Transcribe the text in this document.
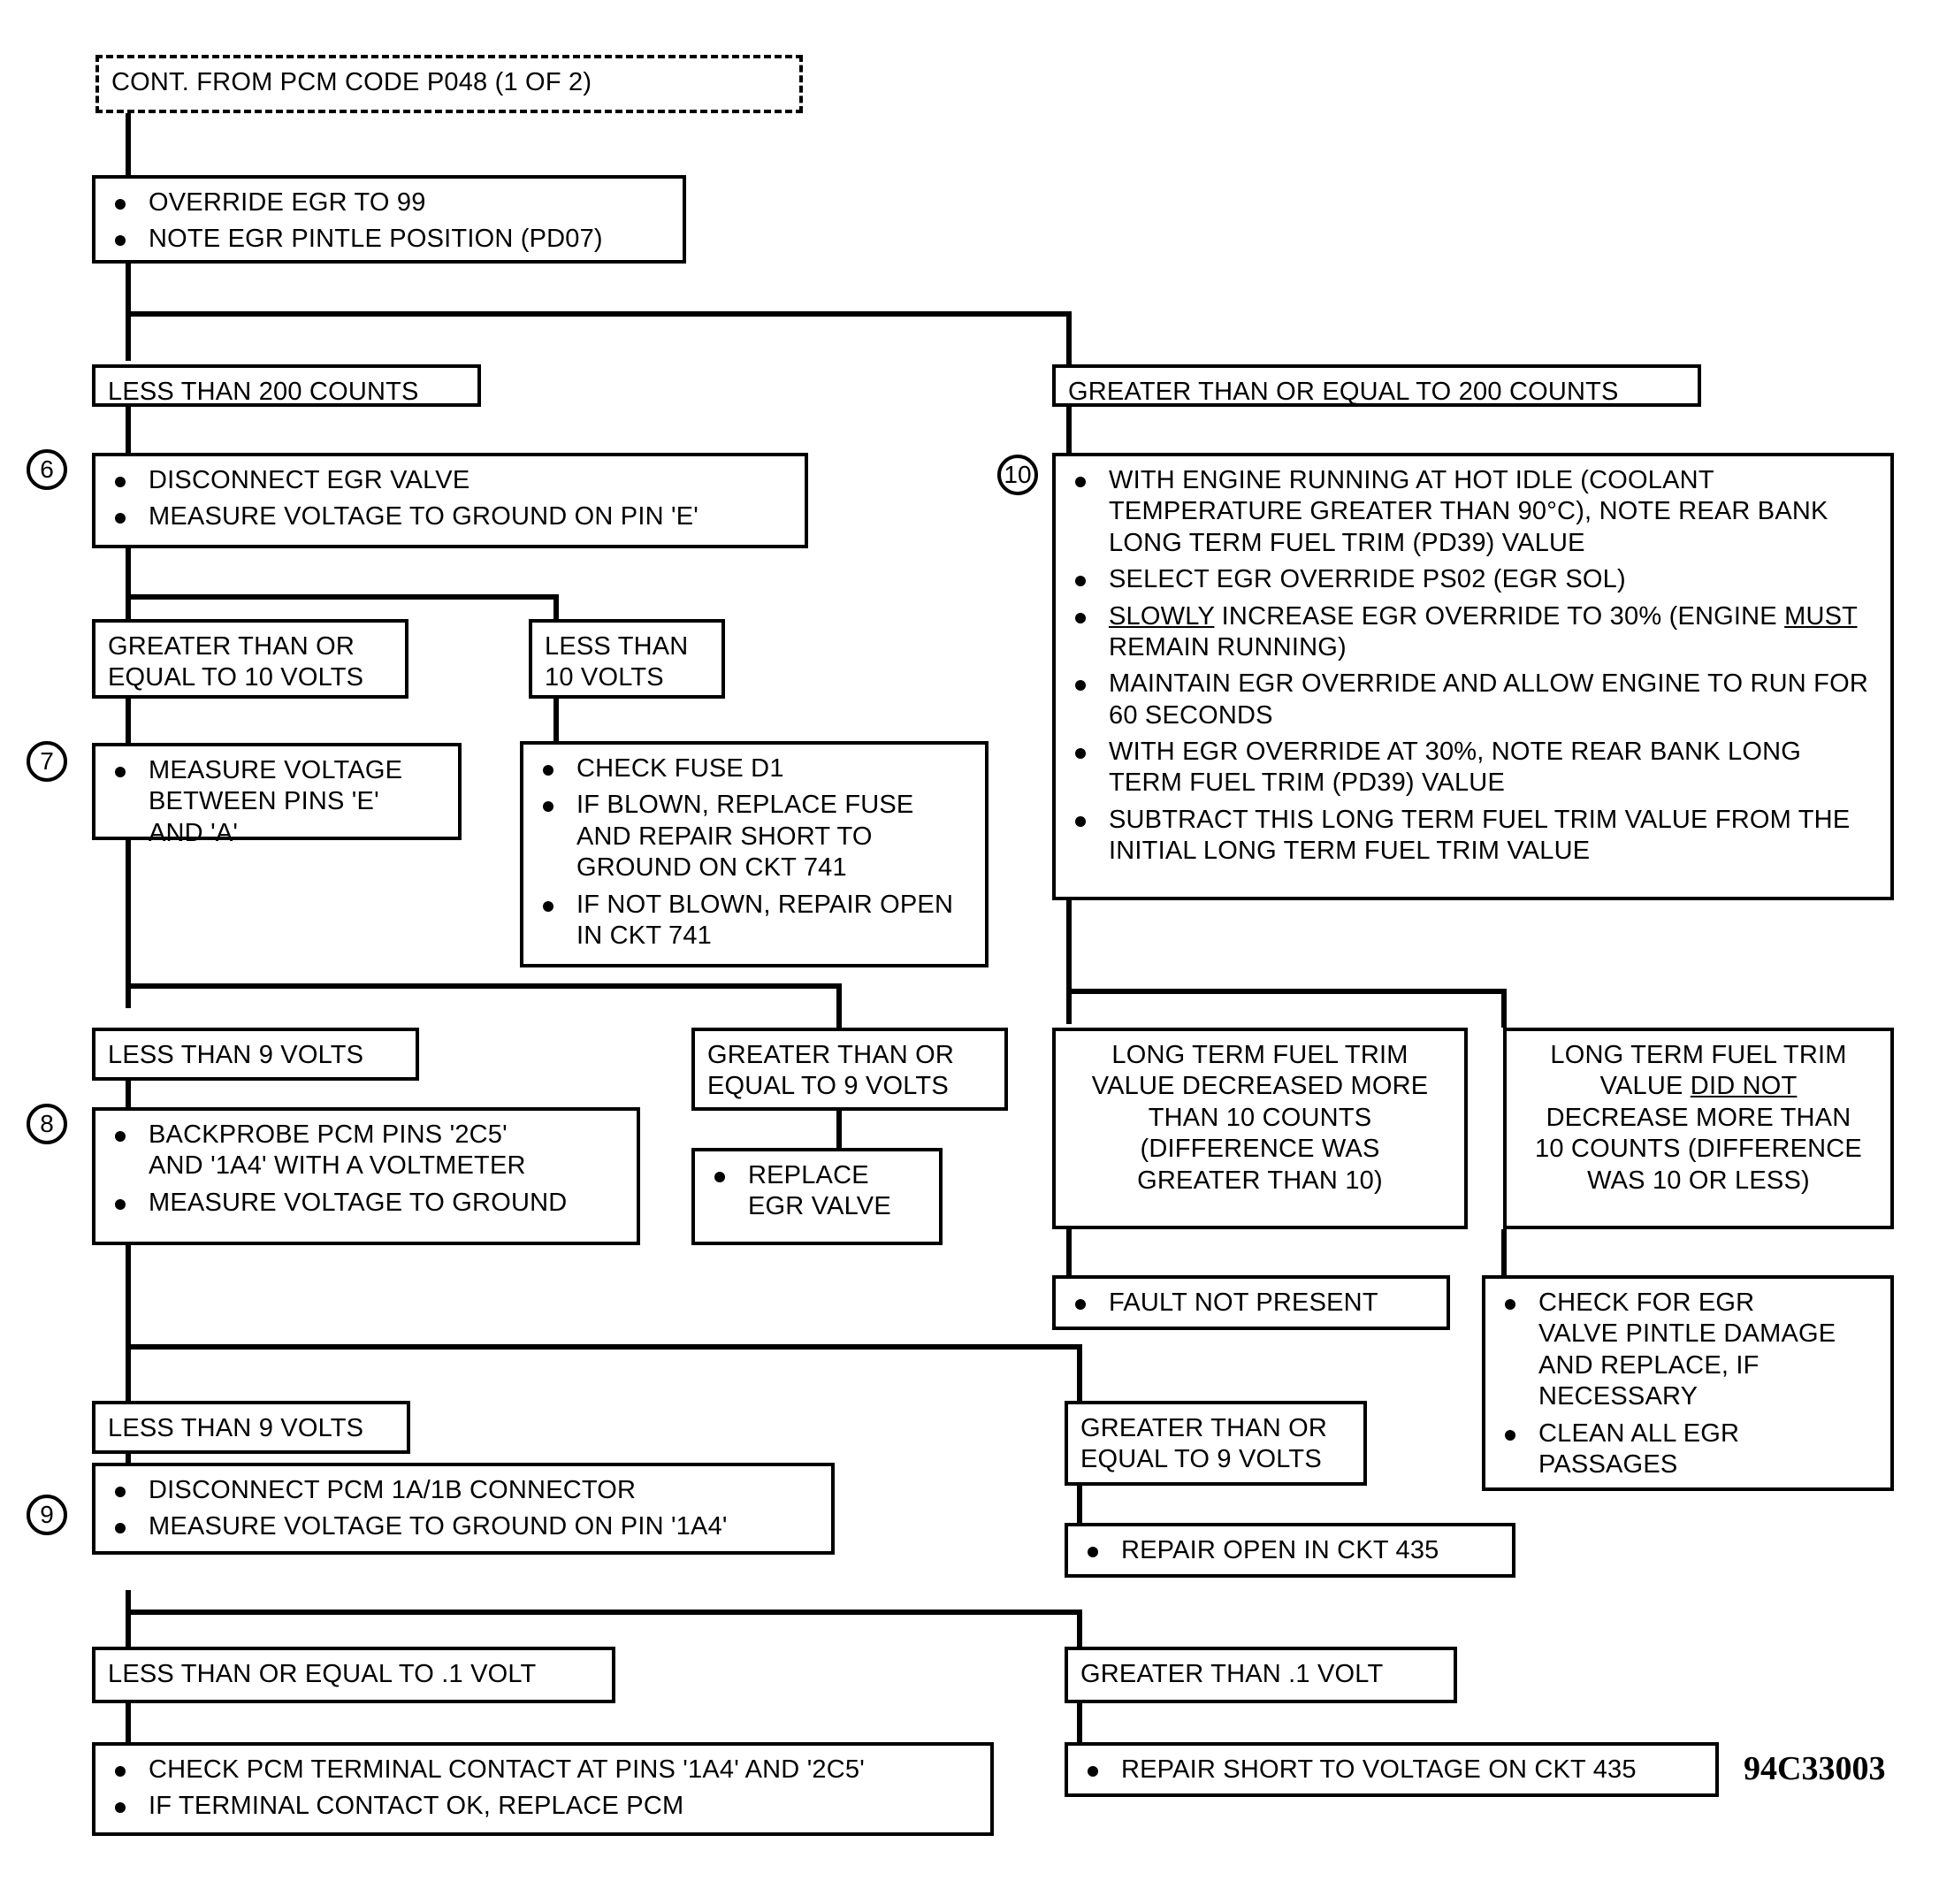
CONT. FROM PCM CODE P048 (1 OF 2)
OVERRIDE EGR TO 99
NOTE EGR PINTLE POSITION (PD07)
LESS THAN 200 COUNTS	GREATER THAN OR EQUAL TO 200 COUNTS
6	DISCONNECT EGR VALVE
MEASURE VOLTAGE TO GROUND ON PIN 'E'
10	WITH ENGINE RUNNING AT HOT IDLE (COOLANT TEMPERATURE GREATER THAN 90°C), NOTE REAR BANK LONG TERM FUEL TRIM (PD39) VALUE
SELECT EGR OVERRIDE PS02 (EGR SOL)
SLOWLY INCREASE EGR OVERRIDE TO 30% (ENGINE MUST REMAIN RUNNING)
MAINTAIN EGR OVERRIDE AND ALLOW ENGINE TO RUN FOR 60 SECONDS
WITH EGR OVERRIDE AT 30%, NOTE REAR BANK LONG TERM FUEL TRIM (PD39) VALUE
SUBTRACT THIS LONG TERM FUEL TRIM VALUE FROM THE INITIAL LONG TERM FUEL TRIM VALUE
GREATER THAN OR
EQUAL TO 10 VOLTS
LESS THAN
10 VOLTS
7	MEASURE VOLTAGE
BETWEEN PINS 'E'
AND 'A'
CHECK FUSE D1
IF BLOWN, REPLACE FUSE AND REPAIR SHORT TO GROUND ON CKT 741
IF NOT BLOWN, REPAIR OPEN IN CKT 741
LESS THAN 9 VOLTS	GREATER THAN OR
EQUAL TO 9 VOLTS
REPLACE
EGR VALVE
8	BACKPROBE PCM PINS '2C5'
AND '1A4' WITH A VOLTMETER
MEASURE VOLTAGE TO GROUND
LONG TERM FUEL TRIM
VALUE DECREASED MORE
THAN 10 COUNTS
(DIFFERENCE WAS
GREATER THAN 10)
LONG TERM FUEL TRIM
VALUE DID NOT
DECREASE MORE THAN
10 COUNTS (DIFFERENCE
WAS 10 OR LESS)
FAULT NOT PRESENT	CHECK FOR EGR
VALVE PINTLE DAMAGE
AND REPLACE, IF
NECESSARY
CLEAN ALL EGR
PASSAGES
LESS THAN 9 VOLTS	GREATER THAN OR
EQUAL TO 9 VOLTS
9
DISCONNECT PCM 1A/1B CONNECTOR
MEASURE VOLTAGE TO GROUND ON PIN '1A4'
REPAIR OPEN IN CKT 435
LESS THAN OR EQUAL TO .1 VOLT	GREATER THAN .1 VOLT
CHECK PCM TERMINAL CONTACT AT PINS '1A4' AND '2C5'
IF TERMINAL CONTACT OK, REPLACE PCM
REPAIR SHORT TO VOLTAGE ON CKT 435	94C33003
